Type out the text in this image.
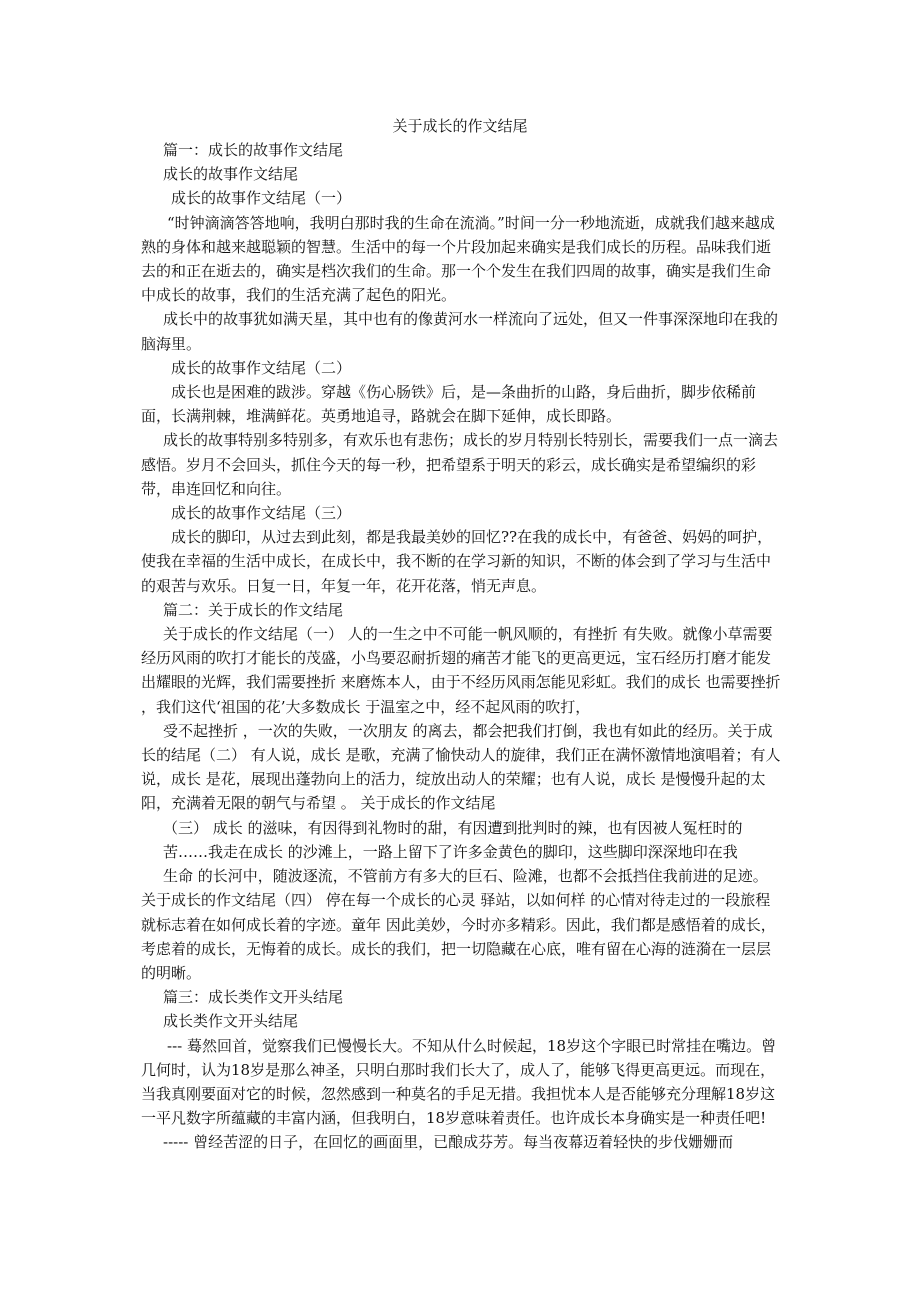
关于成长的作文结尾

篇一：成长的故事作文结尾

成长的故事作文结尾

成长的故事作文结尾（一）

“时钟滴滴答答地响，我明白那时我的生命在流淌。”时间一分一秒地流逝，成就我们越来越成熟的身体和越来越聪颖的智慧。生活中的每一个片段加起来确实是我们成长的历程。品味我们逝去的和正在逝去的，确实是档次我们的生命。那一个个发生在我们四周的故事，确实是我们生命中成长的故事，我们的生活充满了起色的阳光。

成长中的故事犹如满天星，其中也有的像黄河水一样流向了远处，但又一件事深深地印在我的脑海里。

成长的故事作文结尾（二）

成长也是困难的跋涉。穿越《伤心肠铁》后，是—条曲折的山路，身后曲折，脚步依稀前面，长满荆棘，堆满鲜花。英勇地追寻，路就会在脚下延伸，成长即路。

成长的故事特别多特别多，有欢乐也有悲伤；成长的岁月特别长特别长，需要我们一点一滴去感悟。岁月不会回头，抓住今天的每一秒，把希望系于明天的彩云，成长确实是希望编织的彩带，串连回忆和向往。

成长的故事作文结尾（三）

成长的脚印，从过去到此刻，都是我最美妙的回忆??在我的成长中，有爸爸、妈妈的呵护，使我在幸福的生活中成长，在成长中，我不断的在学习新的知识，不断的体会到了学习与生活中的艰苦与欢乐。日复一日，年复一年，花开花落，悄无声息。

篇二：关于成长的作文结尾

关于成长的作文结尾（一） 人的一生之中不可能一帆风顺的，有挫折 有失败。就像小草需要经历风雨的吹打才能长的茂盛，小鸟要忍耐折翅的痛苦才能飞的更高更远，宝石经历打磨才能发出耀眼的光辉，我们需要挫折 来磨炼本人，由于不经历风雨怎能见彩虹。我们的成长 也需要挫折 ，我们这代‘祖国的花’大多数成长 于温室之中，经不起风雨的吹打，

受不起挫折 ，一次的失败，一次朋友 的离去，都会把我们打倒，我也有如此的经历。关于成长的结尾（二） 有人说，成长 是歌，充满了愉快动人的旋律，我们正在满怀激情地演唱着；有人说，成长 是花，展现出蓬勃向上的活力，绽放出动人的荣耀；也有人说，成长 是慢慢升起的太阳，充满着无限的朝气与希望 。 关于成长的作文结尾

（三） 成长 的滋味，有因得到礼物时的甜，有因遭到批判时的辣，也有因被人冤枉时的苦……我走在成长 的沙滩上，一路上留下了许多金黄色的脚印，这些脚印深深地印在我

生命 的长河中，随波逐流，不管前方有多大的巨石、险滩，也都不会抵挡住我前进的足迹。 关于成长的作文结尾（四） 停在每一个成长的心灵 驿站，以如何样 的心情对待走过的一段旅程就标志着在如何成长着的字迹。童年 因此美妙，今时亦多精彩。因此，我们都是感悟着的成长，考虑着的成长，无悔着的成长。成长的我们，把一切隐藏在心底，唯有留在心海的涟漪在一层层的明晰。

篇三：成长类作文开头结尾

成长类作文开头结尾

--- 蓦然回首，觉察我们已慢慢长大。不知从什么时候起，18岁这个字眼已时常挂在嘴边。曾几何时，认为18岁是那么神圣，只明白那时我们长大了，成人了，能够飞得更高更远。而现在，当我真刚要面对它的时候，忽然感到一种莫名的手足无措。我担忧本人是否能够充分理解18岁这一平凡数字所蕴藏的丰富内涵，但我明白，18岁意味着责任。也许成长本身确实是一种责任吧!

----- 曾经苦涩的日子，在回忆的画面里，已酿成芬芳。每当夜幕迈着轻快的步伐姗姗而
